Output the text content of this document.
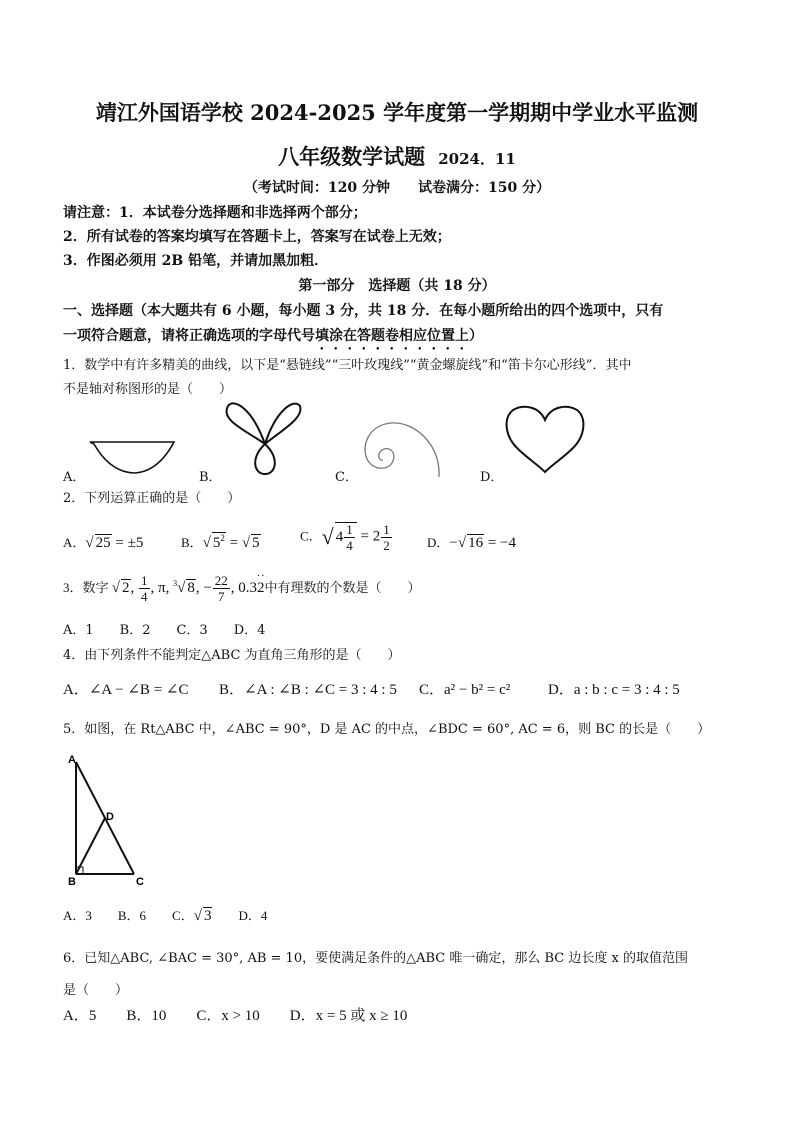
靖江外国语学校 2024-2025 学年度第一学期期中学业水平监测
八年级数学试题 2024．11
（考试时间：120 分钟　　试卷满分：150 分）
请注意：1．本试卷分选择题和非选择两个部分；
2．所有试卷的答案均填写在答题卡上，答案写在试卷上无效；
3．作图必须用 2B 铅笔，并请加黑加粗．
第一部分　选择题（共 18 分）
一、选择题（本大题共有 6 小题，每小题 3 分，共 18 分．在每小题所给出的四个选项中，只有
一项符合题意，请将正确选项的字母代号填涂在答题卷相应位置上）
1．数学中有许多精美的曲线，以下是“悬链线”“三叶玫瑰线”“黄金螺旋线”和“笛卡尔心形线”．其中
不是轴对称图形的是（　　）
A．	B．	C．	D．
2．下列运算正确的是（　　）
A．√ 25 = ±5	B．√ $5^2$ = √ 5	C．√ $4 \frac{1}{4} = 2 \frac{1}{2}$	D．−√ 16 = −4
3．数字 √ 2, $\frac{1}{4}$ , π, $^3$√ 8, − $\frac{22}{7}$ , 0.32
··
中有理数的个数是（　　）
A．1　　B．2　　C．3　　D．4
4．由下列条件不能判定△ABC 为直角三角形的是（　　）
A．∠A − ∠B = ∠C B．∠A : ∠B : ∠C = 3 : 4 : 5 C．a² − b² = c²	D．a : b : c = 3 : 4 : 5
5．如图，在 Rt△ABC 中，∠ABC = 90°，D 是 AC 的中点，∠BDC = 60°, AC = 6，则 BC 的长是（　　）
A
D
B	C
A．3　　B．6　　C．√ 3　　D．4
6．已知△ABC, ∠BAC = 30°, AB = 10，要使满足条件的△ABC 唯一确定，那么 BC 边长度 x 的取值范围
是（　　）
A．5　　B．10　　C．x > 10　　D．x = 5 或 x ≥ 10
